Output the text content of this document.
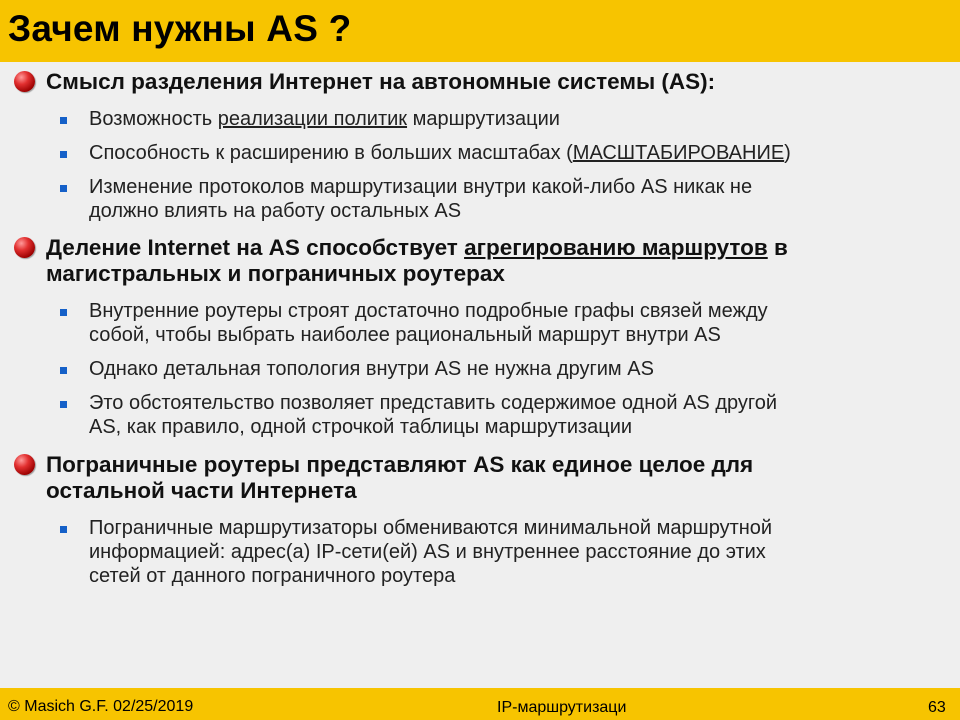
Зачем нужны AS ?
Смысл разделения Интернет на автономные системы (AS):
Возможность реализации политик маршрутизации
Способность к расширению в больших масштабах (МАСШТАБИРОВАНИЕ)
Изменение протоколов маршрутизации внутри какой-либо AS никак не
должно влиять на работу остальных AS
Деление Internet на AS способствует агрегированию маршрутов в
магистральных и пограничных роутерах
Внутренние роутеры строят достаточно подробные графы связей между
собой, чтобы выбрать наиболее рациональный маршрут внутри AS
Однако детальная топология внутри AS не нужна другим AS
Это обстоятельство позволяет представить содержимое одной AS другой
AS, как правило, одной строчкой таблицы маршрутизации
Пограничные роутеры представляют AS как единое целое для
остальной части Интернета
Пограничные маршрутизаторы обмениваются минимальной маршрутной
информацией: адрес(а) IP-сети(ей) AS и внутреннее расстояние до этих
сетей от данного пограничного роутера
© Masich G.F. 02/25/2019	IP-маршрутизаци	63
